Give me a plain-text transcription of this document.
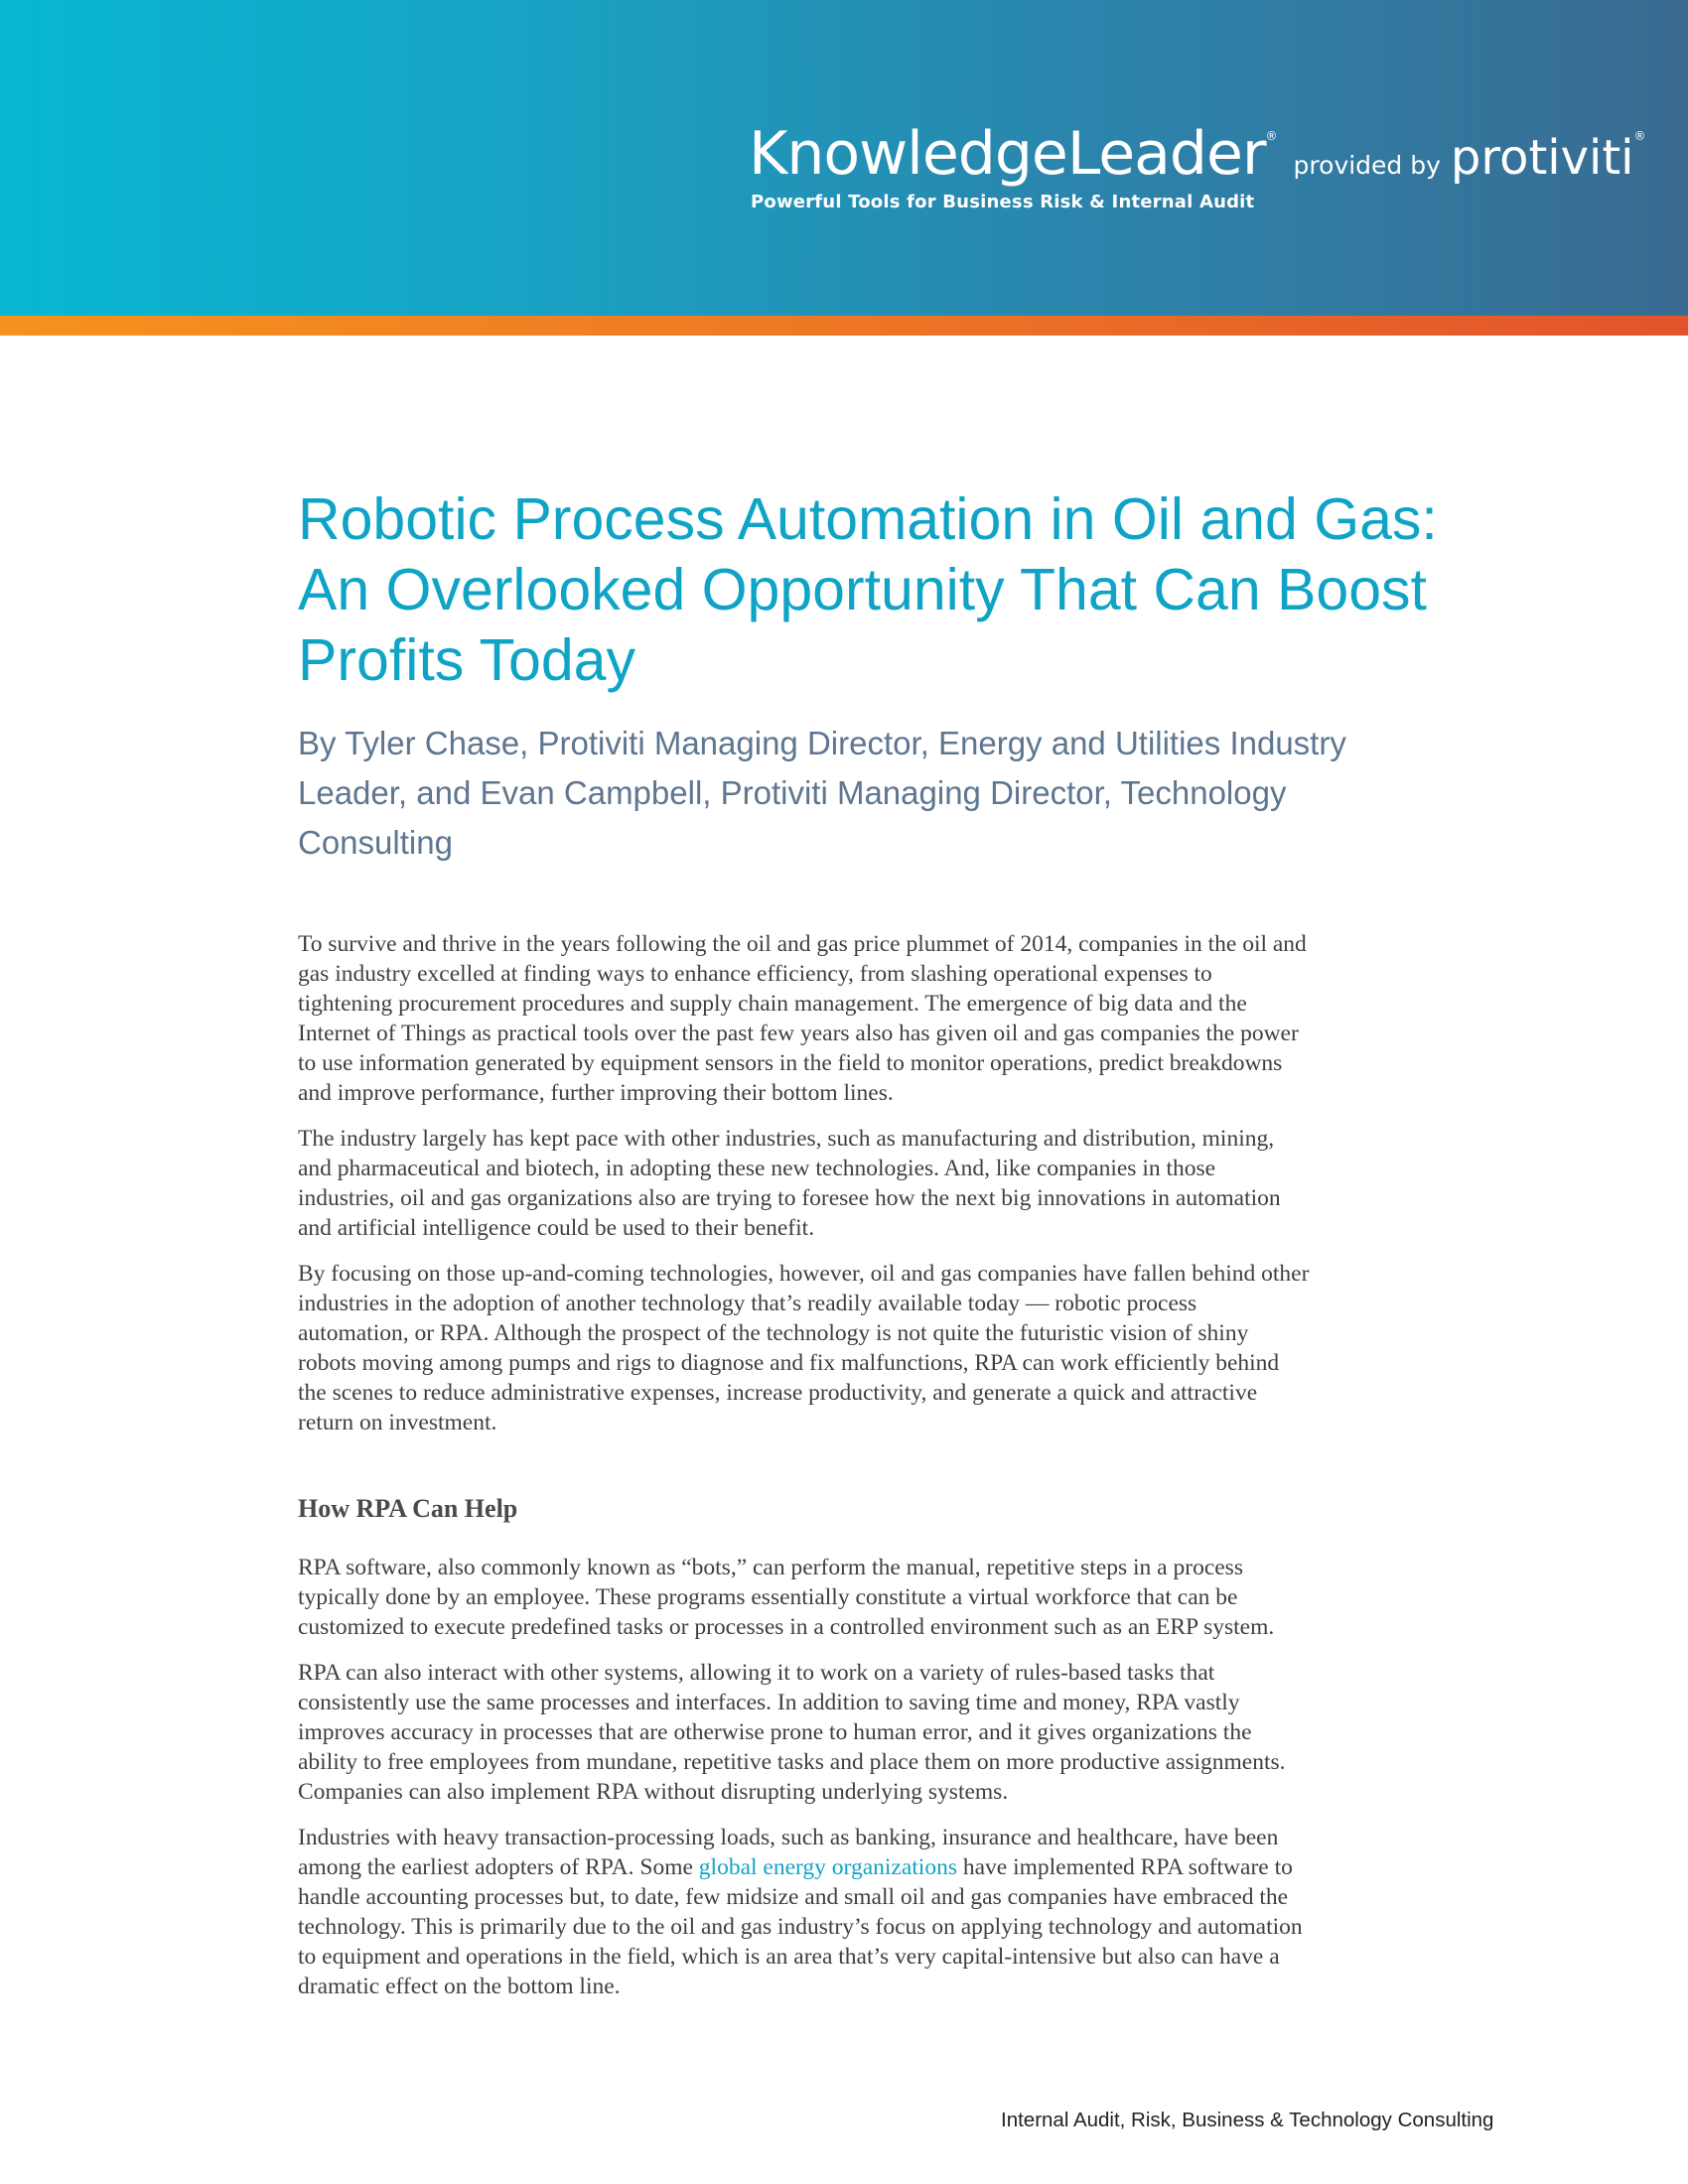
KnowledgeLeader®provided by protiviti®
Powerful Tools for Business Risk & Internal Audit
Robotic Process Automation in Oil and Gas:
An Overlooked Opportunity That Can Boost
Profits Today

By Tyler Chase, Protiviti Managing Director, Energy and Utilities Industry
Leader, and Evan Campbell, Protiviti Managing Director, Technology
Consulting

To survive and thrive in the years following the oil and gas price plummet of 2014, companies in the oil and
gas industry excelled at finding ways to enhance efficiency, from slashing operational expenses to
tightening procurement procedures and supply chain management. The emergence of big data and the
Internet of Things as practical tools over the past few years also has given oil and gas companies the power
to use information generated by equipment sensors in the field to monitor operations, predict breakdowns
and improve performance, further improving their bottom lines.

The industry largely has kept pace with other industries, such as manufacturing and distribution, mining,
and pharmaceutical and biotech, in adopting these new technologies. And, like companies in those
industries, oil and gas organizations also are trying to foresee how the next big innovations in automation
and artificial intelligence could be used to their benefit.

By focusing on those up-and-coming technologies, however, oil and gas companies have fallen behind other
industries in the adoption of another technology that’s readily available today — robotic process
automation, or RPA. Although the prospect of the technology is not quite the futuristic vision of shiny
robots moving among pumps and rigs to diagnose and fix malfunctions, RPA can work efficiently behind
the scenes to reduce administrative expenses, increase productivity, and generate a quick and attractive
return on investment.

How RPA Can Help

RPA software, also commonly known as “bots,” can perform the manual, repetitive steps in a process
typically done by an employee. These programs essentially constitute a virtual workforce that can be
customized to execute predefined tasks or processes in a controlled environment such as an ERP system.

RPA can also interact with other systems, allowing it to work on a variety of rules-based tasks that
consistently use the same processes and interfaces. In addition to saving time and money, RPA vastly
improves accuracy in processes that are otherwise prone to human error, and it gives organizations the
ability to free employees from mundane, repetitive tasks and place them on more productive assignments.
Companies can also implement RPA without disrupting underlying systems.

Industries with heavy transaction-processing loads, such as banking, insurance and healthcare, have been
among the earliest adopters of RPA. Some global energy organizations have implemented RPA software to
handle accounting processes but, to date, few midsize and small oil and gas companies have embraced the
technology. This is primarily due to the oil and gas industry’s focus on applying technology and automation
to equipment and operations in the field, which is an area that’s very capital-intensive but also can have a
dramatic effect on the bottom line.

Internal Audit, Risk, Business & Technology Consulting
